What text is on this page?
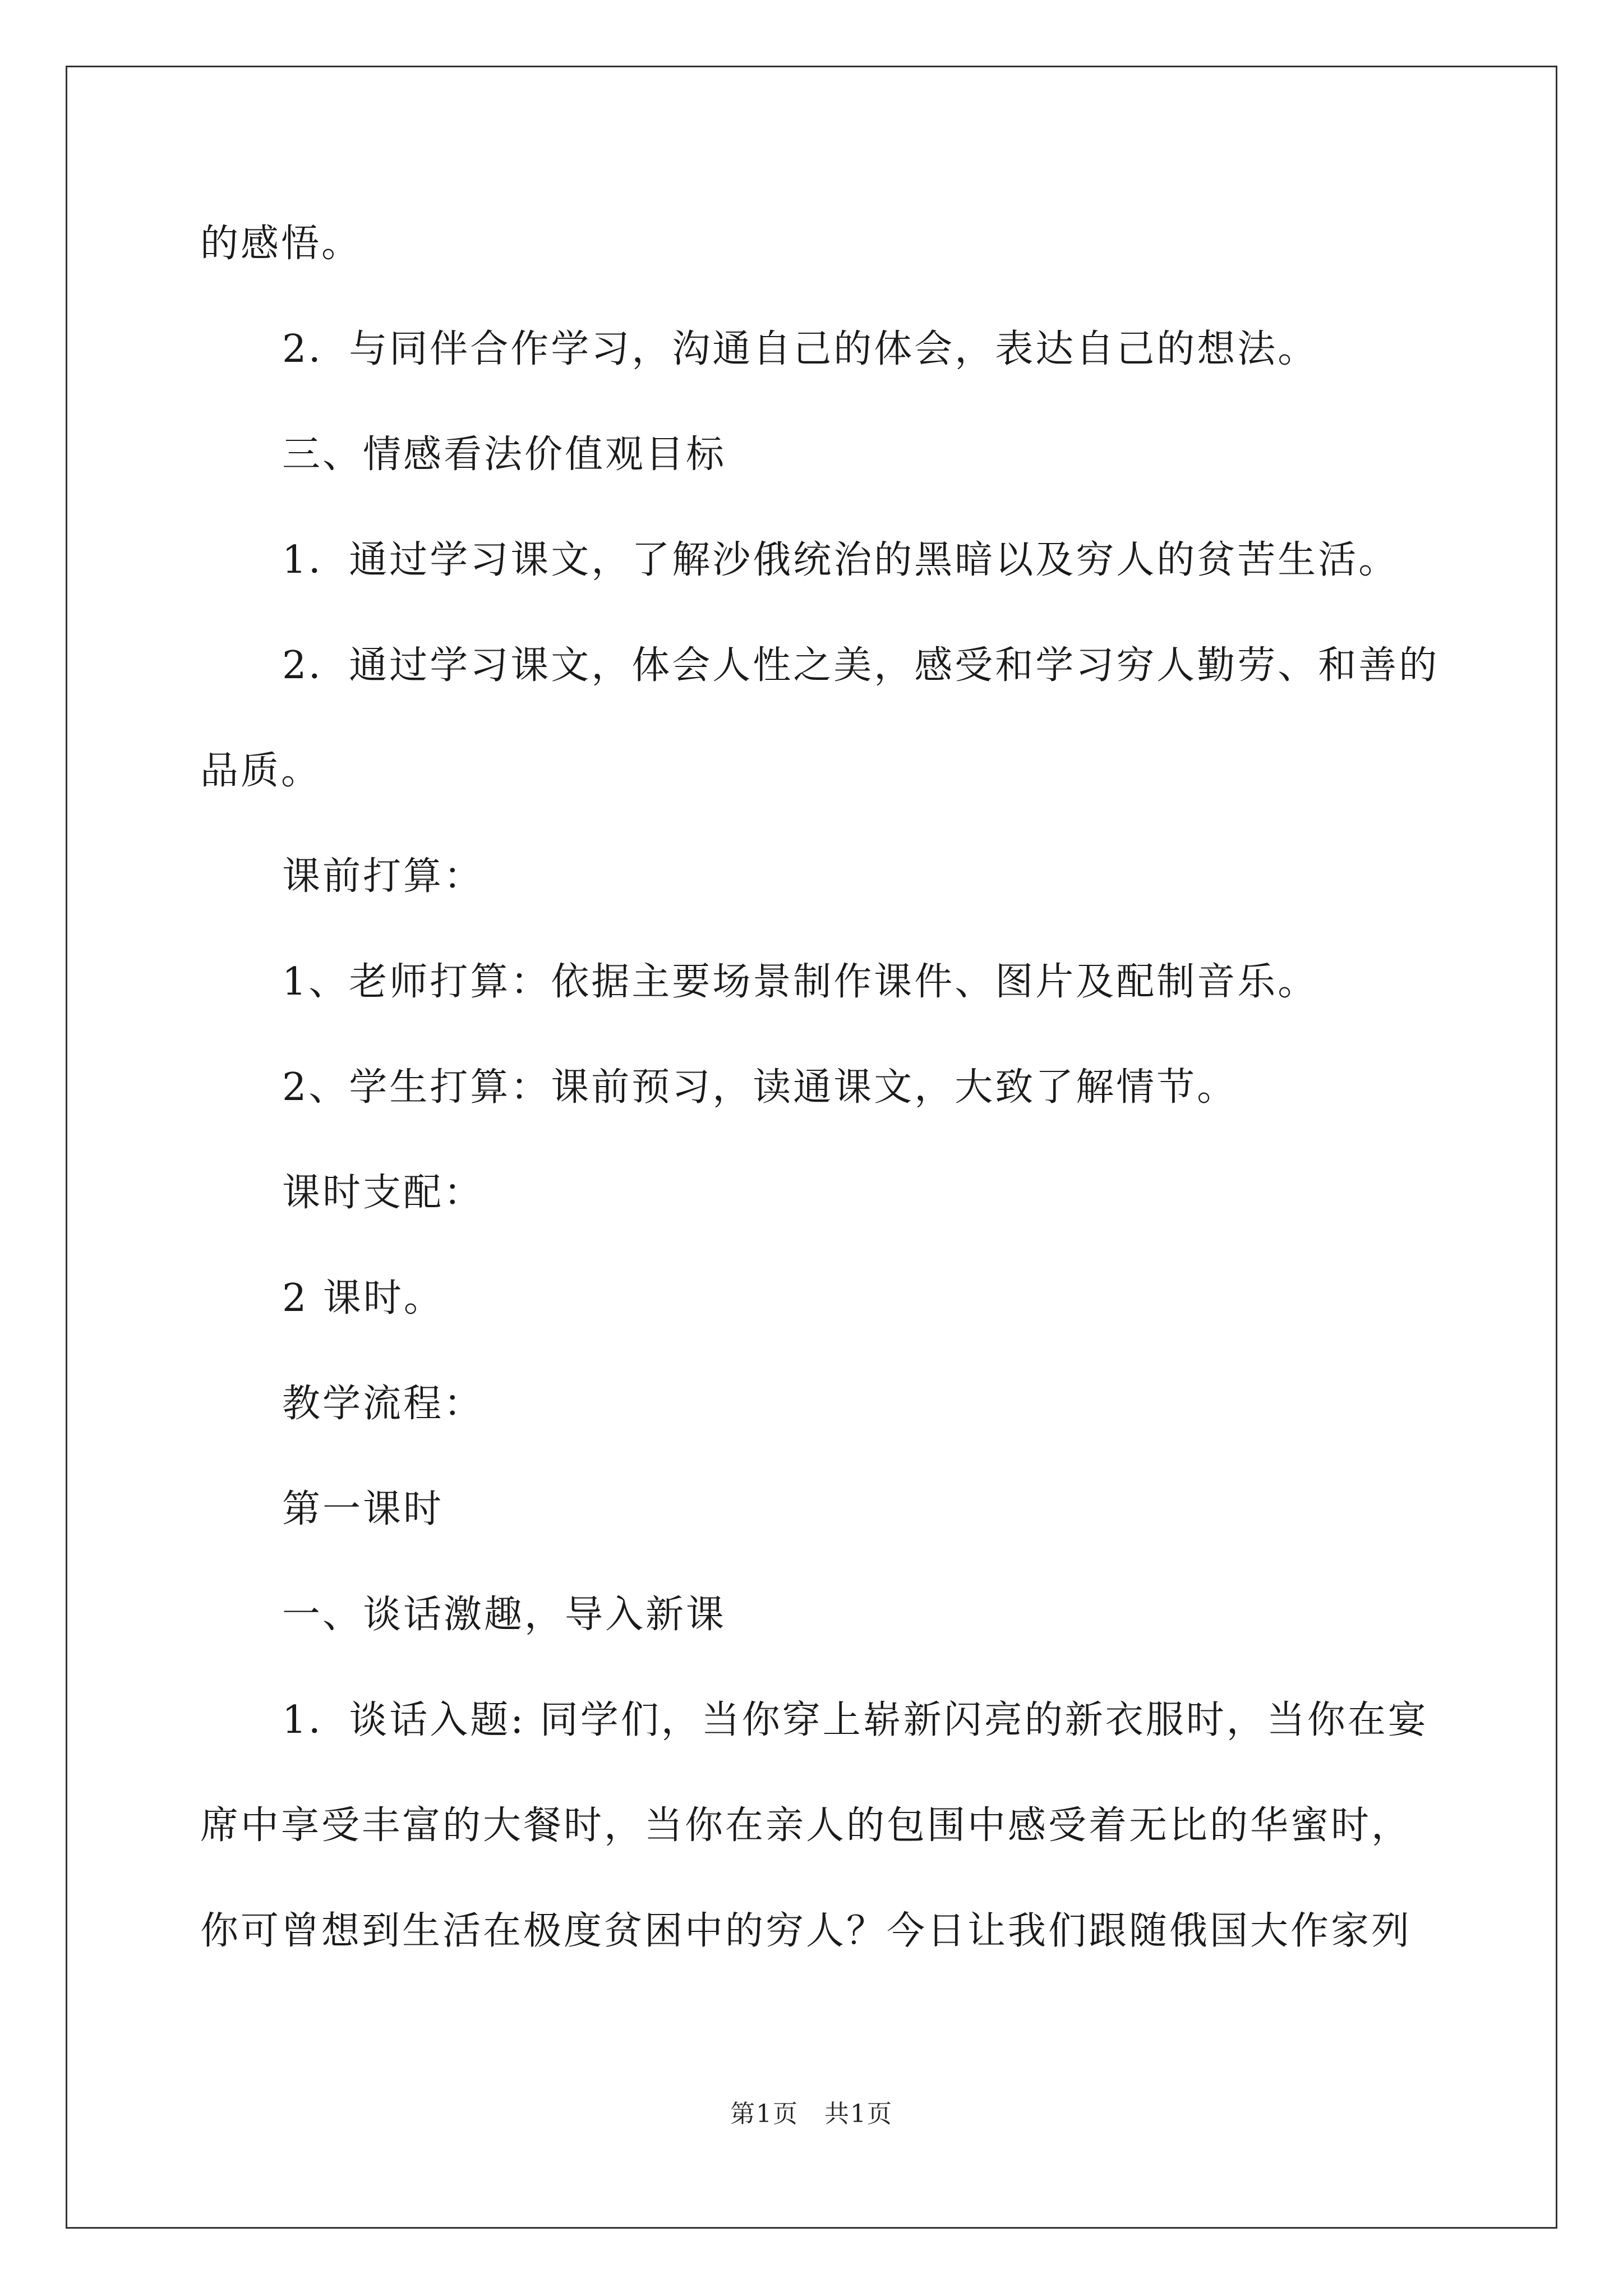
的感悟。
2．与同伴合作学习，沟通自己的体会，表达自己的想法。
三、情感看法价值观目标
1．通过学习课文，了解沙俄统治的黑暗以及穷人的贫苦生活。
2．通过学习课文，体会人性之美，感受和学习穷人勤劳、和善的
品质。
课前打算：
1、老师打算：依据主要场景制作课件、图片及配制音乐。
2、学生打算：课前预习，读通课文，大致了解情节。
课时支配：
2 课时。
教学流程：
第一课时
一、谈话激趣，导入新课
1．谈话入题: 同学们，当你穿上崭新闪亮的新衣服时，当你在宴
席中享受丰富的大餐时，当你在亲人的包围中感受着无比的华蜜时，
你可曾想到生活在极度贫困中的穷人？今日让我们跟随俄国大作家列
第1页　共1页
